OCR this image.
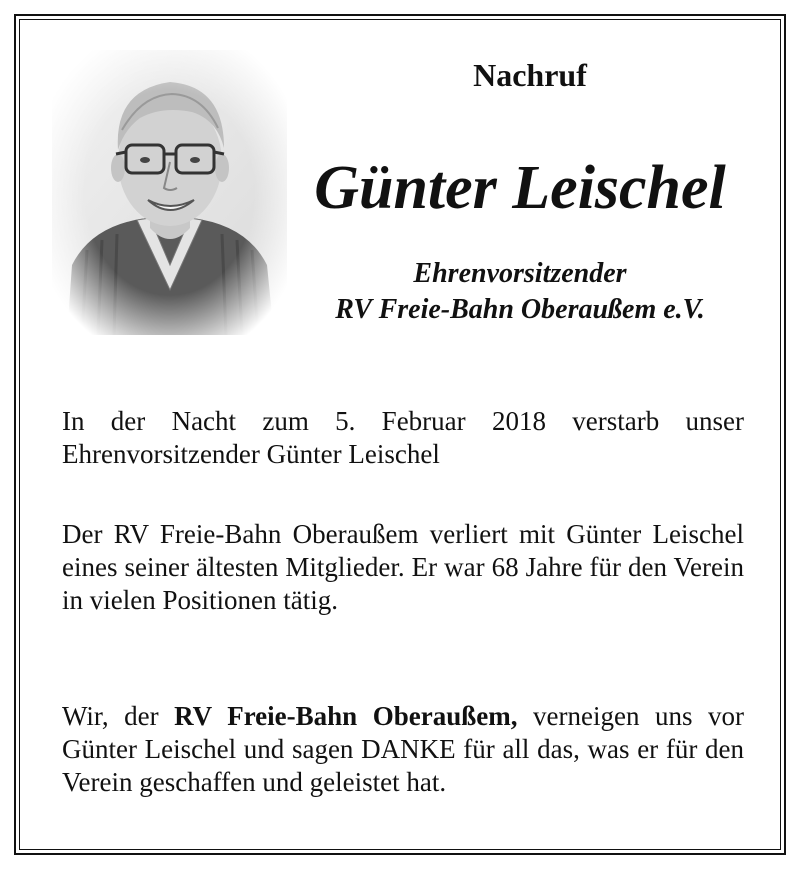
Nachruf
Günter Leischel
Ehrenvorsitzender
RV Freie-Bahn Oberaußem e.V.

In der Nacht zum 5. Februar 2018 verstarb unser Ehrenvorsitzender Günter Leischel

Der RV Freie-Bahn Oberaußem verliert mit Günter Leischel eines seiner ältesten Mitglieder. Er war 68 Jahre für den Verein in vielen Positionen tätig.

Wir, der RV Freie-Bahn Oberaußem, verneigen uns vor Günter Leischel und sagen DANKE für all das, was er für den Verein geschaffen und geleistet hat.
